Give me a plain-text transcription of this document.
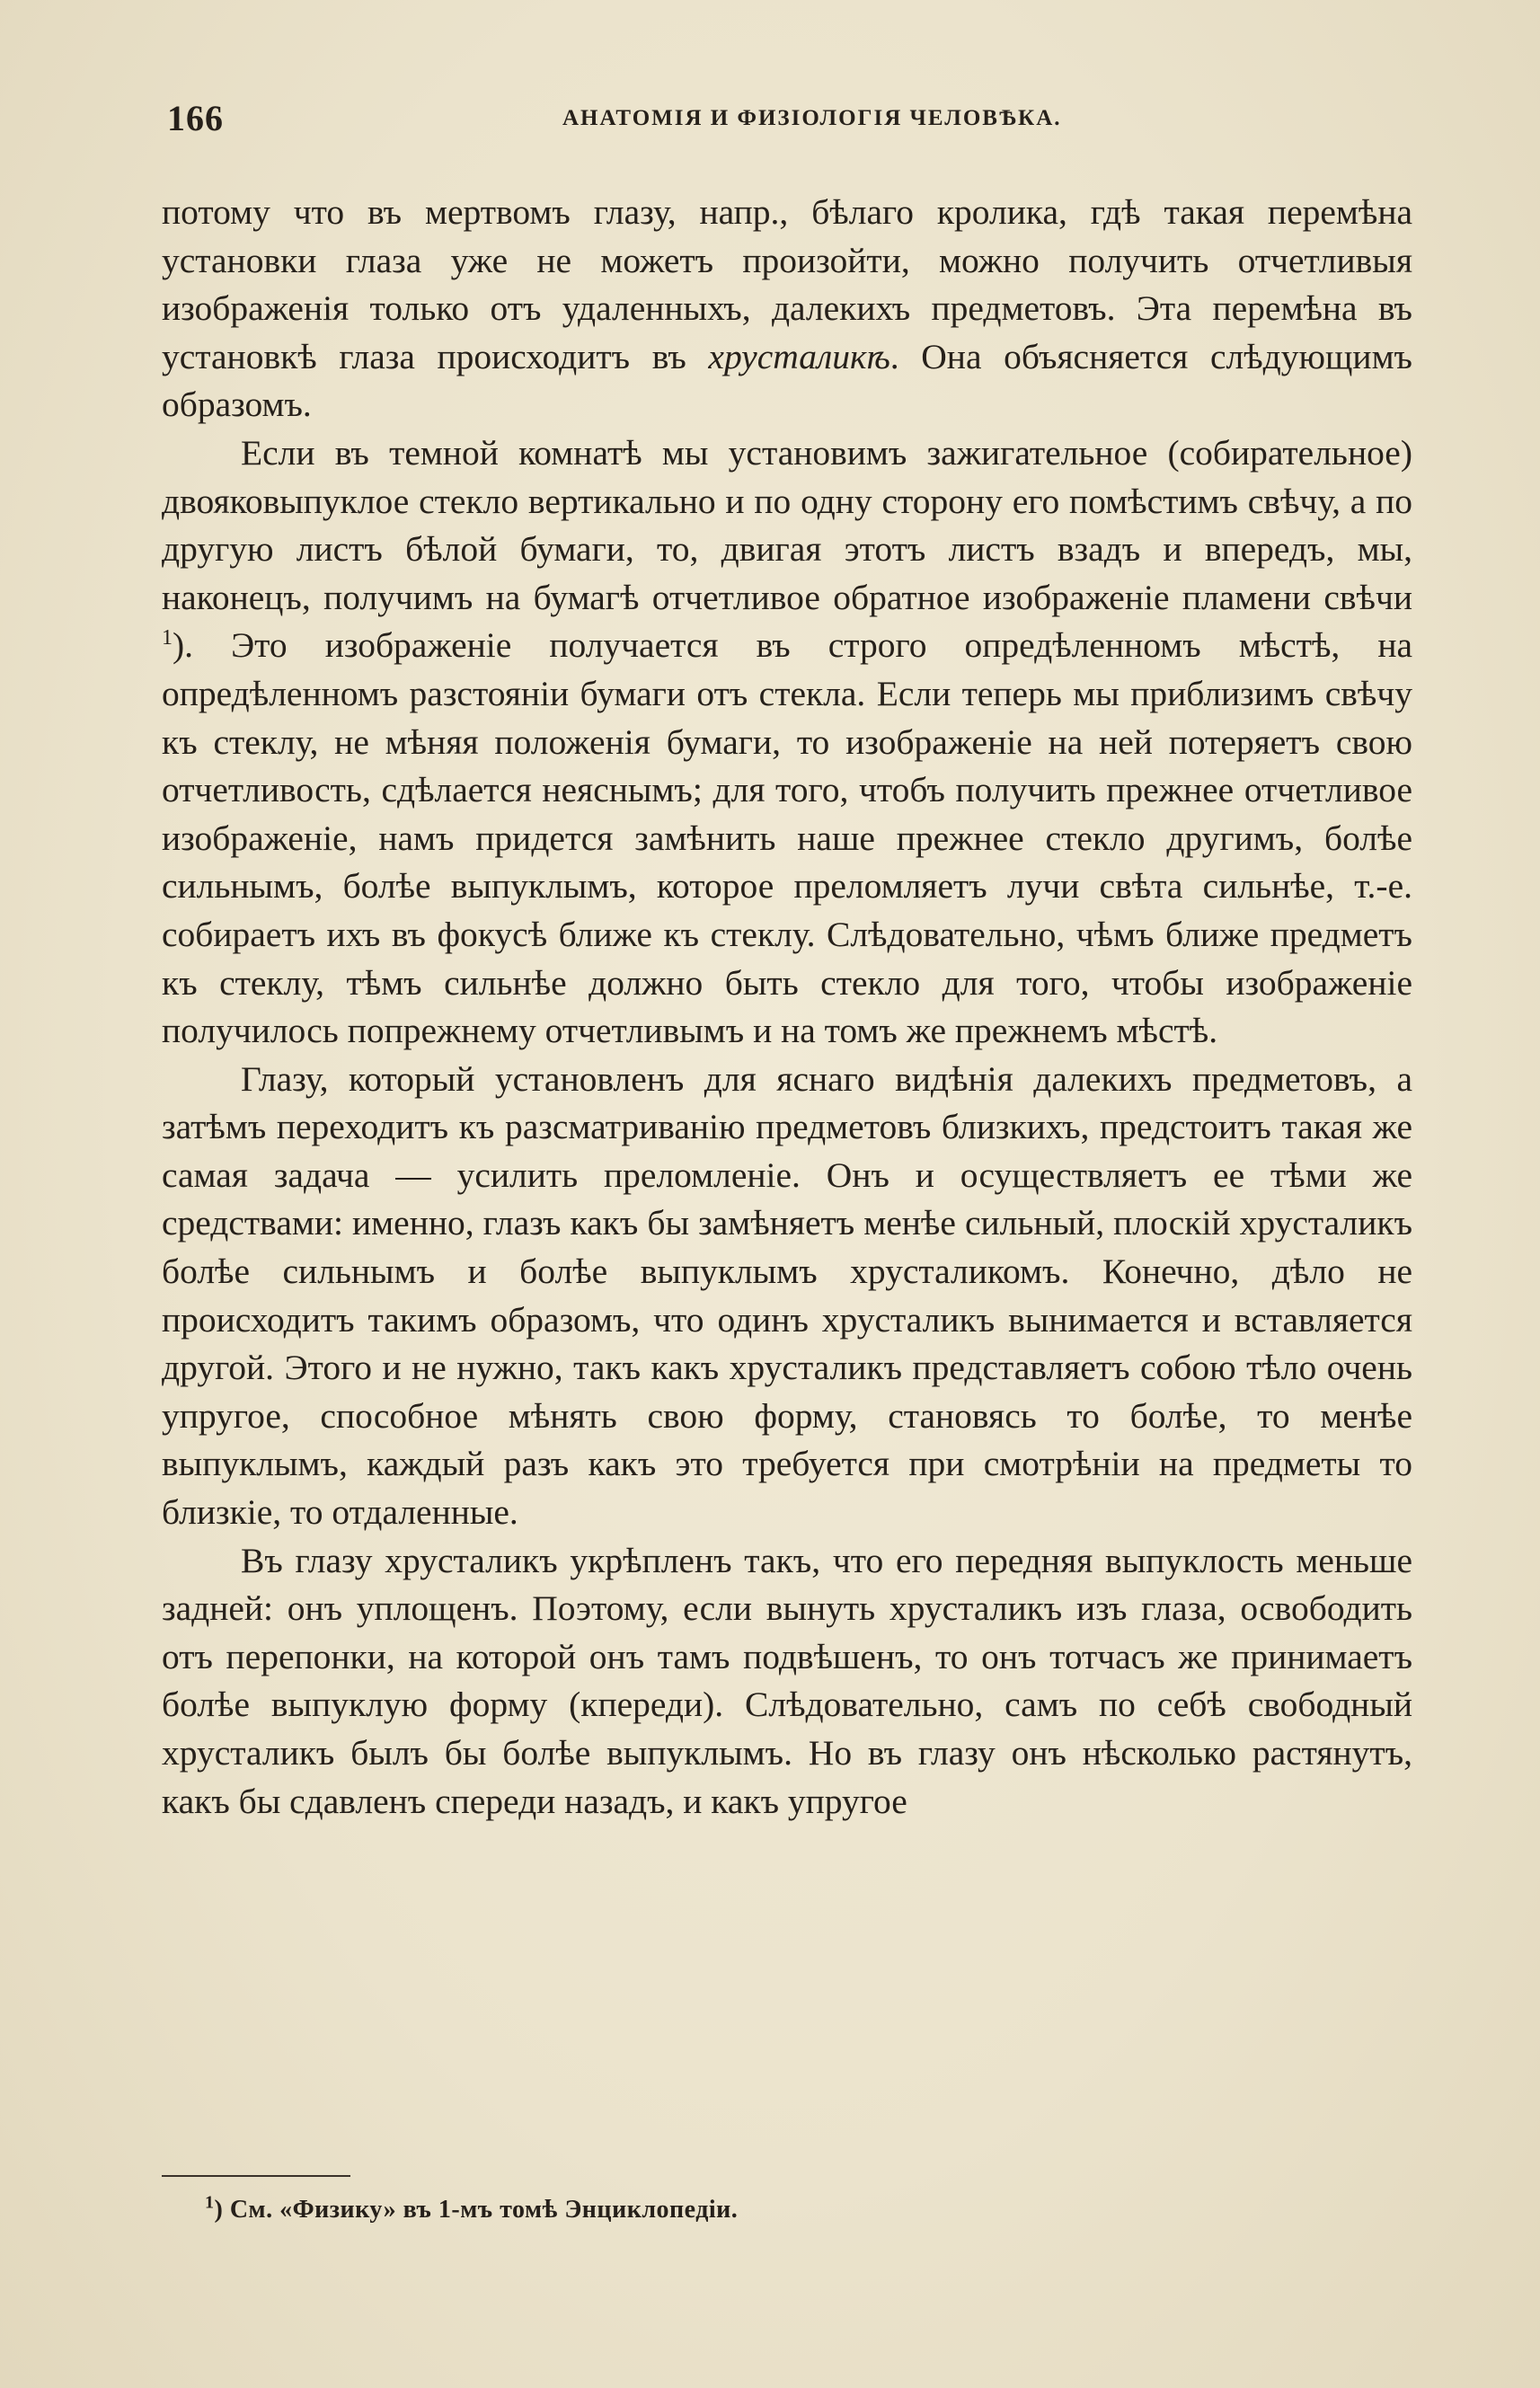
166	АНАТОМІЯ И ФИЗІОЛОГІЯ ЧЕЛОВѢКА.

потому что въ мертвомъ глазу, напр., бѣлаго кролика, гдѣ такая перемѣна установки глаза уже не можетъ произойти, можно получить отчетливыя изображенія только отъ удаленныхъ, далекихъ предметовъ. Эта перемѣна въ установкѣ глаза происходитъ въ хрусталикѣ. Она объясняется слѣдующимъ образомъ.

Если въ темной комнатѣ мы установимъ зажигательное (собирательное) двояковыпуклое стекло вертикально и по одну сторону его помѣстимъ свѣчу, а по другую листъ бѣлой бумаги, то, двигая этотъ листъ взадъ и впередъ, мы, наконецъ, получимъ на бумагѣ отчетливое обратное изображеніе пламени свѣчи $^1$). Это изображеніе получается въ строго опредѣленномъ мѣстѣ, на опредѣленномъ разстояніи бумаги отъ стекла. Если теперь мы приблизимъ свѣчу къ стеклу, не мѣняя положенія бумаги, то изображеніе на ней потеряетъ свою отчетливость, сдѣлается неяснымъ; для того, чтобъ получить прежнее отчетливое изображеніе, намъ придется замѣнить наше прежнее стекло другимъ, болѣе сильнымъ, болѣе выпуклымъ, которое преломляетъ лучи свѣта сильнѣе, т.-е. собираетъ ихъ въ фокусѣ ближе къ стеклу. Слѣдовательно, чѣмъ ближе предметъ къ стеклу, тѣмъ сильнѣе должно быть стекло для того, чтобы изображеніе получилось попрежнему отчетливымъ и на томъ же прежнемъ мѣстѣ.

Глазу, который установленъ для яснаго видѣнія далекихъ предметовъ, а затѣмъ переходитъ къ разсматриванію предметовъ близкихъ, предстоитъ такая же самая задача — усилить преломленіе. Онъ и осуществляетъ ее тѣми же средствами: именно, глазъ какъ бы замѣняетъ менѣе сильный, плоскій хрусталикъ болѣе сильнымъ и болѣе выпуклымъ хрусталикомъ. Конечно, дѣло не происходитъ такимъ образомъ, что одинъ хрусталикъ вынимается и вставляется другой. Этого и не нужно, такъ какъ хрусталикъ представляетъ собою тѣло очень упругое, способное мѣнять свою форму, становясь то болѣе, то менѣе выпуклымъ, каждый разъ какъ это требуется при смотрѣніи на предметы то близкіе, то отдаленные.

Въ глазу хрусталикъ укрѣпленъ такъ, что его передняя выпуклость меньше задней: онъ уплощенъ. Поэтому, если вынуть хрусталикъ изъ глаза, освободить отъ перепонки, на которой онъ тамъ подвѣшенъ, то онъ тотчасъ же принимаетъ болѣе выпуклую форму (кпереди). Слѣдовательно, самъ по себѣ свободный хрусталикъ былъ бы болѣе выпуклымъ. Но въ глазу онъ нѣсколько растянутъ, какъ бы сдавленъ спереди назадъ, и какъ упругое

$^1$) См. «Физику» въ 1-мъ томѣ Энциклопедіи.
